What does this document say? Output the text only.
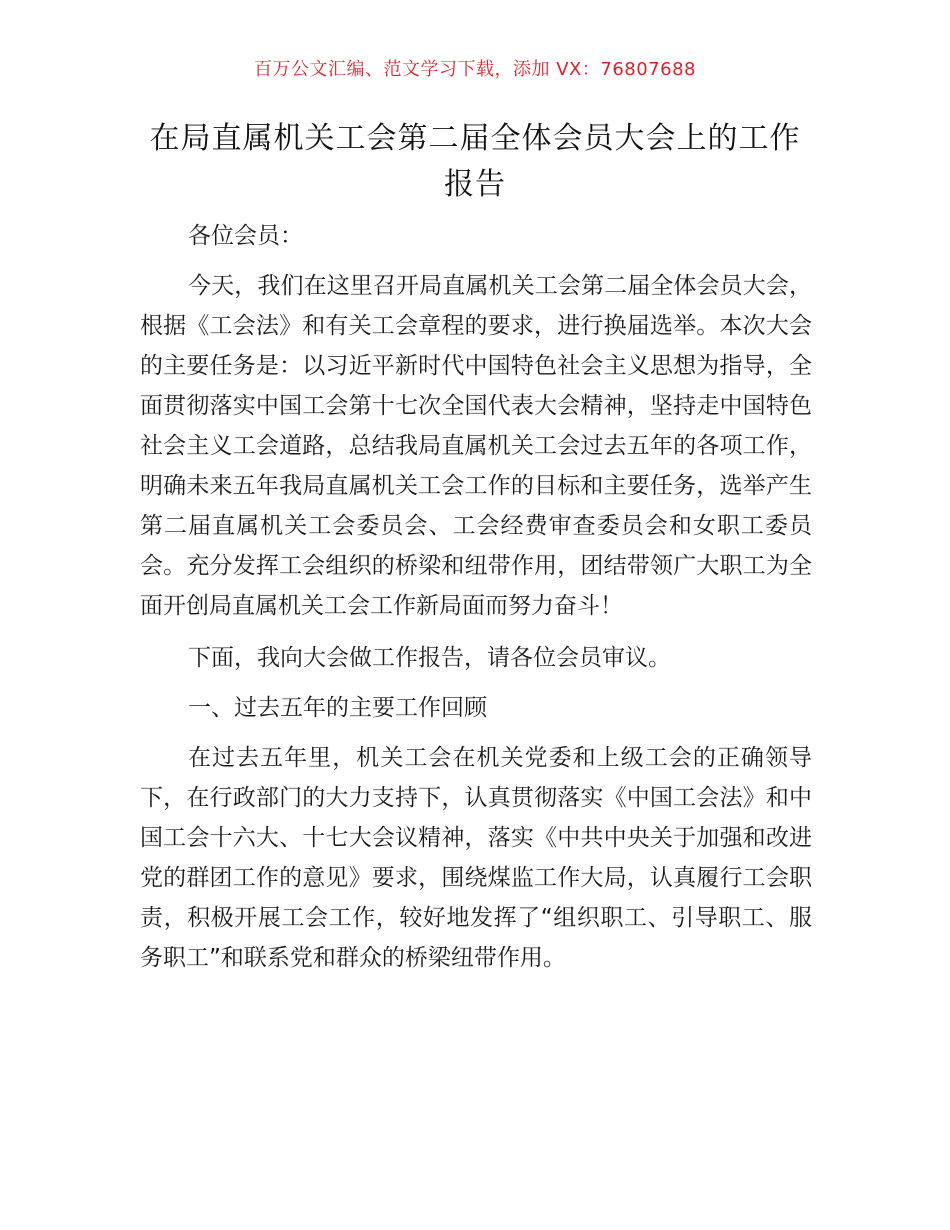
百万公文汇编、范文学习下载，添加 VX：76807688
在局直属机关工会第二届全体会员大会上的工作报告

各位会员：

今天，我们在这里召开局直属机关工会第二届全体会员大会，根据《工会法》和有关工会章程的要求，进行换届选举。本次大会的主要任务是：以习近平新时代中国特色社会主义思想为指导，全面贯彻落实中国工会第十七次全国代表大会精神，坚持走中国特色社会主义工会道路，总结我局直属机关工会过去五年的各项工作，明确未来五年我局直属机关工会工作的目标和主要任务，选举产生第二届直属机关工会委员会、工会经费审查委员会和女职工委员会。充分发挥工会组织的桥梁和纽带作用，团结带领广大职工为全面开创局直属机关工会工作新局面而努力奋斗！

下面，我向大会做工作报告，请各位会员审议。

一、过去五年的主要工作回顾

在过去五年里，机关工会在机关党委和上级工会的正确领导下，在行政部门的大力支持下，认真贯彻落实《中国工会法》和中国工会十六大、十七大会议精神，落实《中共中央关于加强和改进党的群团工作的意见》要求，围绕煤监工作大局，认真履行工会职责，积极开展工会工作，较好地发挥了“组织职工、引导职工、服务职工”和联系党和群众的桥梁纽带作用。
